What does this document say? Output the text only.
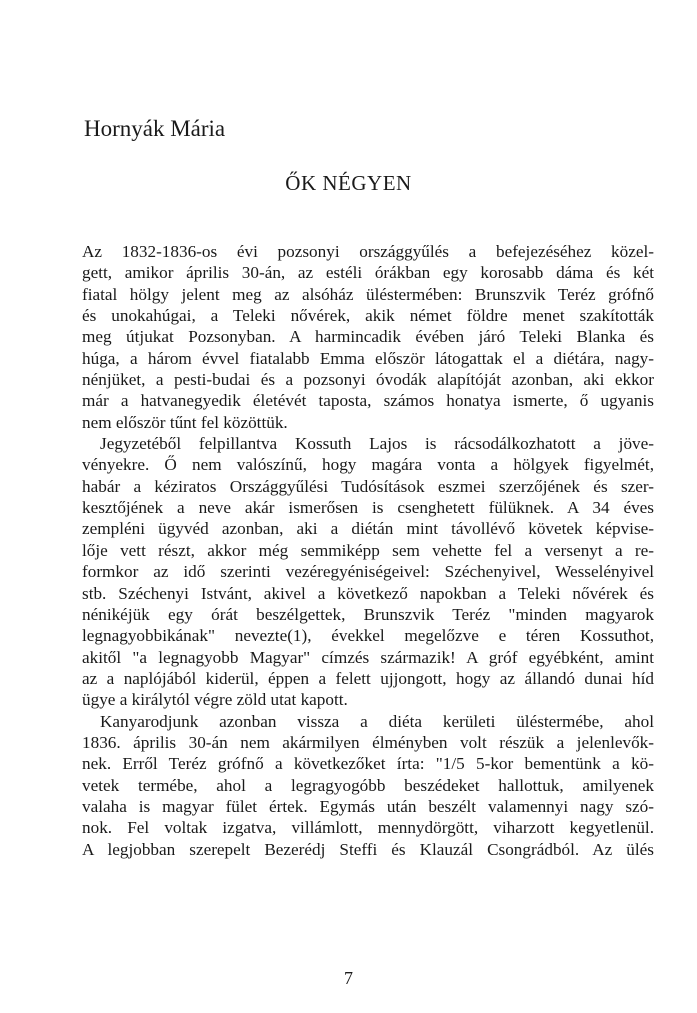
Hornyák Mária
ŐK NÉGYEN

Az 1832-1836-os évi pozsonyi országgyűlés a befejezéséhez közel-
gett, amikor április 30-án, az estéli órákban egy korosabb dáma és két
fiatal hölgy jelent meg az alsóház üléstermében: Brunszvik Teréz grófnő
és unokahúgai, a Teleki nővérek, akik német földre menet szakították
meg útjukat Pozsonyban. A harmincadik évében járó Teleki Blanka és
húga, a három évvel fiatalabb Emma először látogattak el a diétára, nagy-
nénjüket, a pesti-budai és a pozsonyi óvodák alapítóját azonban, aki ekkor
már a hatvanegyedik életévét taposta, számos honatya ismerte, ő ugyanis
nem először tűnt fel közöttük.

Jegyzetéből felpillantva Kossuth Lajos is rácsodálkozhatott a jöve-
vényekre. Ő nem valószínű, hogy magára vonta a hölgyek figyelmét,
habár a kéziratos Országgyűlési Tudósítások eszmei szerzőjének és szer-
kesztőjének a neve akár ismerősen is csenghetett fülüknek. A 34 éves
zempléni ügyvéd azonban, aki a diétán mint távollévő követek képvise-
lője vett részt, akkor még semmiképp sem vehette fel a versenyt a re-
formkor az idő szerinti vezéregyéniségeivel: Széchenyivel, Wesselényivel
stb. Széchenyi Istvánt, akivel a következő napokban a Teleki nővérek és
nénikéjük egy órát beszélgettek, Brunszvik Teréz "minden magyarok
legnagyobbikának" nevezte(1), évekkel megelőzve e téren Kossuthot,
akitől "a legnagyobb Magyar" címzés származik! A gróf egyébként, amint
az a naplójából kiderül, éppen a felett ujjongott, hogy az állandó dunai híd
ügye a királytól végre zöld utat kapott.

Kanyarodjunk azonban vissza a diéta kerületi üléstermébe, ahol
1836. április 30-án nem akármilyen élményben volt részük a jelenlevők-
nek. Erről Teréz grófnő a következőket írta: "1/5 5-kor bementünk a kö-
vetek termébe, ahol a legragyogóbb beszédeket hallottuk, amilyenek
valaha is magyar fület értek. Egymás után beszélt valamennyi nagy szó-
nok. Fel voltak izgatva, villámlott, mennydörgött, viharzott kegyetlenül.
A legjobban szerepelt Bezerédj Steffi és Klauzál Csongrádból. Az ülés

7
